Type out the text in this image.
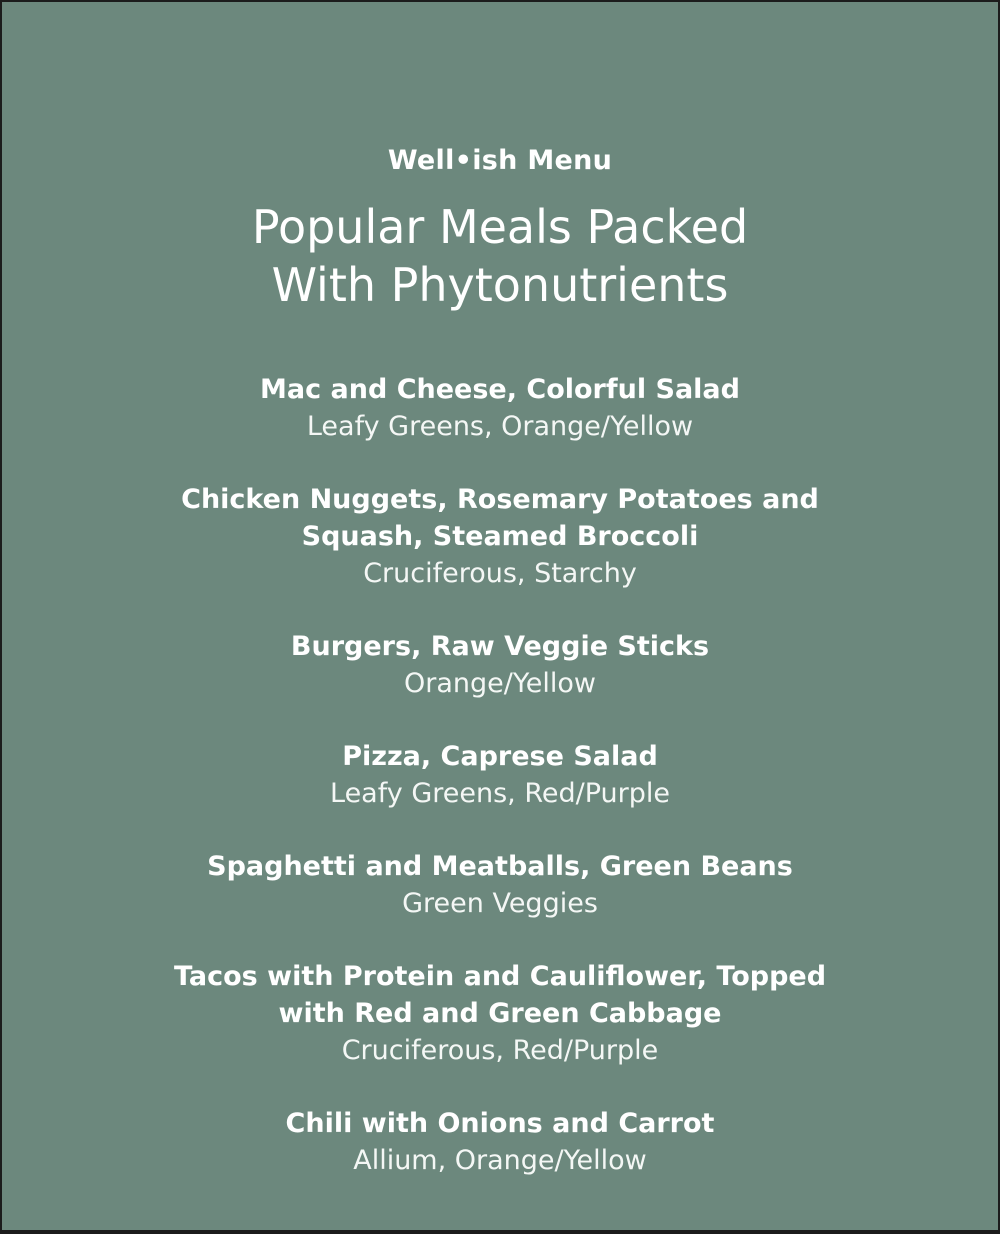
Well•ish Menu
Popular Meals Packed
With Phytonutrients
Mac and Cheese, Colorful Salad
Leafy Greens, Orange/Yellow
Chicken Nuggets, Rosemary Potatoes and
Squash, Steamed Broccoli
Cruciferous, Starchy
Burgers, Raw Veggie Sticks
Orange/Yellow
Pizza, Caprese Salad
Leafy Greens, Red/Purple
Spaghetti and Meatballs, Green Beans
Green Veggies
Tacos with Protein and Cauliflower, Topped
with Red and Green Cabbage
Cruciferous, Red/Purple
Chili with Onions and Carrot
Allium, Orange/Yellow
